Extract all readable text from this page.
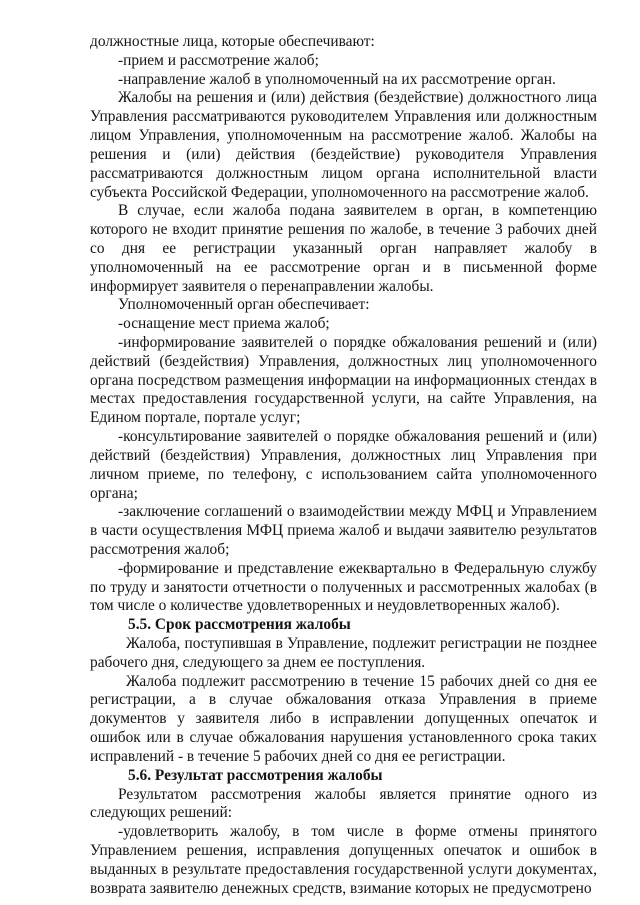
должностные лица, которые обеспечивают:

-прием и рассмотрение жалоб;

-направление жалоб в уполномоченный на их рассмотрение орган.

Жалобы на решения и (или) действия (бездействие) должностного лица Управления рассматриваются руководителем Управления или должностным лицом Управления, уполномоченным на рассмотрение жалоб. Жалобы на решения и (или) действия (бездействие) руководителя Управления рассматриваются должностным лицом органа исполнительной власти субъекта Российской Федерации, уполномоченного на рассмотрение жалоб.

В случае, если жалоба подана заявителем в орган, в компетенцию которого не входит принятие решения по жалобе, в течение 3 рабочих дней со дня ее регистрации указанный орган направляет жалобу в уполномоченный на ее рассмотрение орган и в письменной форме информирует заявителя о перенаправлении жалобы.

Уполномоченный орган обеспечивает:

-оснащение мест приема жалоб;

-информирование заявителей о порядке обжалования решений и (или) действий (бездействия) Управления, должностных лиц уполномоченного органа посредством размещения информации на информационных стендах в местах предоставления государственной услуги, на сайте Управления, на Едином портале, портале услуг;

-консультирование заявителей о порядке обжалования решений и (или) действий (бездействия) Управления, должностных лиц Управления при личном приеме, по телефону, с использованием сайта уполномоченного органа;

-заключение соглашений о взаимодействии между МФЦ и Управлением в части осуществления МФЦ приема жалоб и выдачи заявителю результатов рассмотрения жалоб;

-формирование и представление ежеквартально в Федеральную службу по труду и занятости отчетности о полученных и рассмотренных жалобах (в том числе о количестве удовлетворенных и неудовлетворенных жалоб).

5.5. Срок рассмотрения жалобы

Жалоба, поступившая в Управление, подлежит регистрации не позднее рабочего дня, следующего за днем ее поступления.

Жалоба подлежит рассмотрению в течение 15 рабочих дней со дня ее регистрации, а в случае обжалования отказа Управления в приеме документов у заявителя либо в исправлении допущенных опечаток и ошибок или в случае обжалования нарушения установленного срока таких исправлений - в течение 5 рабочих дней со дня ее регистрации.

5.6. Результат рассмотрения жалобы

Результатом рассмотрения жалобы является принятие одного из следующих решений:

-удовлетворить жалобу, в том числе в форме отмены принятого Управлением решения, исправления допущенных опечаток и ошибок в выданных в результате предоставления государственной услуги документах, возврата заявителю денежных средств, взимание которых не предусмотрено
